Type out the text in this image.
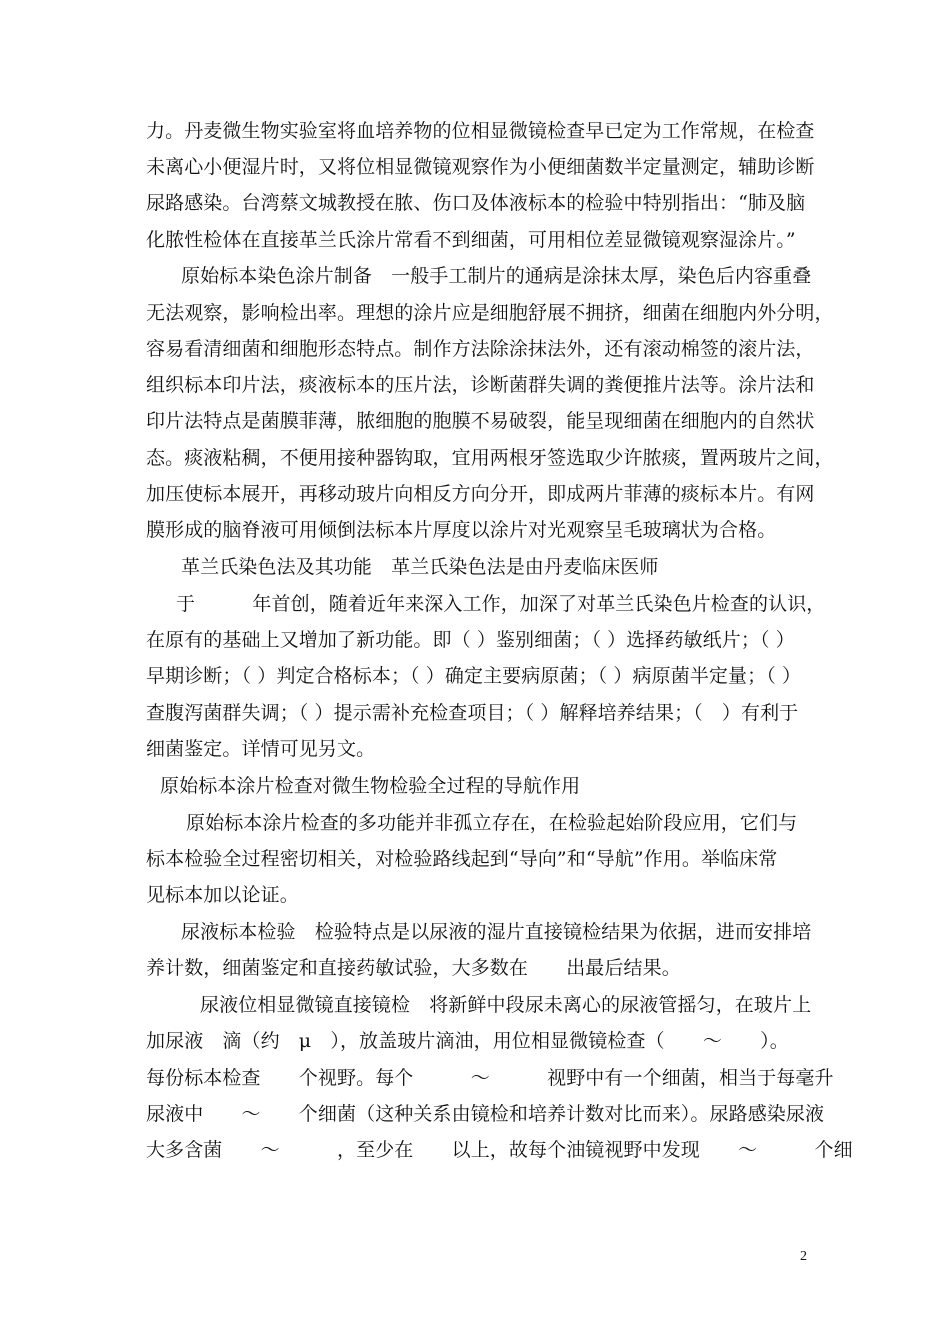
力。丹麦微生物实验室将血培养物的位相显微镜检查早已定为工作常规，在检查
未离心小便湿片时，又将位相显微镜观察作为小便细菌数半定量测定，辅助诊断
尿路感染。台湾蔡文城教授在脓、伤口及体液标本的检验中特别指出：“肺及脑
化脓性检体在直接革兰氏涂片常看不到细菌，可用相位差显微镜观察湿涂片。”
原始标本染色涂片制备　一般手工制片的通病是涂抹太厚，染色后内容重叠
无法观察，影响检出率。理想的涂片应是细胞舒展不拥挤，细菌在细胞内外分明，
容易看清细菌和细胞形态特点。制作方法除涂抹法外，还有滚动棉签的滚片法，
组织标本印片法，痰液标本的压片法，诊断菌群失调的粪便推片法等。涂片法和
印片法特点是菌膜菲薄，脓细胞的胞膜不易破裂，能呈现细菌在细胞内的自然状
态。痰液粘稠，不便用接种器钩取，宜用两根牙签选取少许脓痰，置两玻片之间，
加压使标本展开，再移动玻片向相反方向分开，即成两片菲薄的痰标本片。有网
膜形成的脑脊液可用倾倒法标本片厚度以涂片对光观察呈毛玻璃状为合格。
革兰氏染色法及其功能　革兰氏染色法是由丹麦临床医师
于　　　年首创，随着近年来深入工作，加深了对革兰氏染色片检查的认识，
在原有的基础上又增加了新功能。即（ ）鉴别细菌；（ ）选择药敏纸片；（ ）
早期诊断；（ ）判定合格标本；（ ）确定主要病原菌；（ ）病原菌半定量；（ ）
查腹泻菌群失调；（ ）提示需补充检查项目；（ ）解释培养结果；（　）有利于
细菌鉴定。详情可见另文。
原始标本涂片检查对微生物检验全过程的导航作用
原始标本涂片检查的多功能并非孤立存在，在检验起始阶段应用，它们与
标本检验全过程密切相关，对检验路线起到“导向”和“导航”作用。举临床常
见标本加以论证。
尿液标本检验　检验特点是以尿液的湿片直接镜检结果为依据，进而安排培
养计数，细菌鉴定和直接药敏试验，大多数在　　出最后结果。
尿液位相显微镜直接镜检　将新鲜中段尿未离心的尿液管摇匀，在玻片上
加尿液　滴（约　μ　），放盖玻片滴油，用位相显微镜检查（　　～　　）。
每份标本检查　　个视野。每个　　　～　　　视野中有一个细菌，相当于每毫升
尿液中　　～　　个细菌（这种关系由镜检和培养计数对比而来）。尿路感染尿液
大多含菌　　～　　　，至少在　　以上，故每个油镜视野中发现　　～　　　个细
2
